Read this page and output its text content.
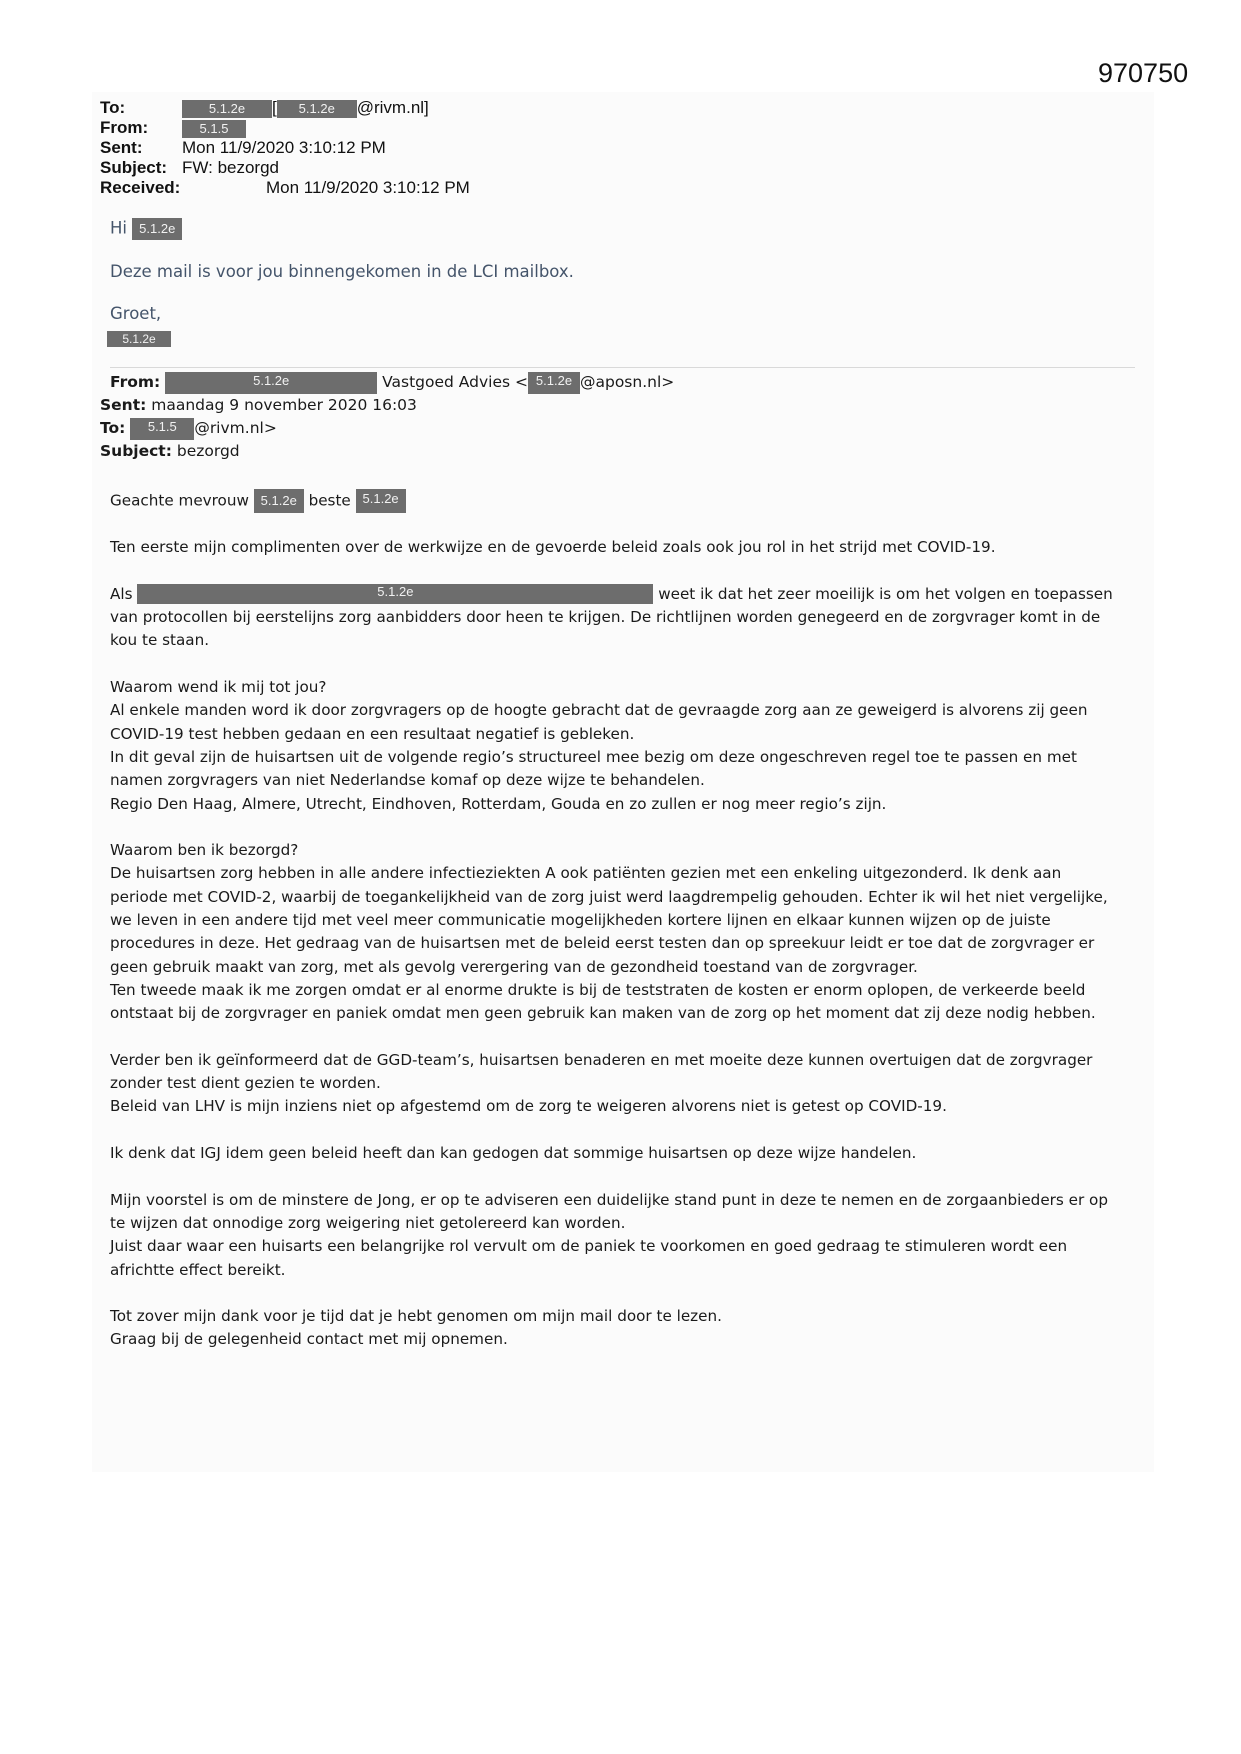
970750
To:	5.1.2e [ 5.1.2e @rivm.nl]
From:	5.1.5
Sent: Mon 11/9/2020 3:10:12 PM
Subject: FW: bezorgd
Received:	Mon 11/9/2020 3:10:12 PM
Hi 5.1.2e
Deze mail is voor jou binnengekomen in de LCI mailbox.
Groet,
5.1.2e
From:	5.1.2e	Vastgoed Advies < 5.1.2e @aposn.nl>
Sent: maandag 9 november 2020 16:03
To: 5.1.5 @rivm.nl>
Subject: bezorgd
Geachte mevrouw 5.1.2e beste 5.1.2e
Ten eerste mijn complimenten over de werkwijze en de gevoerde beleid zoals ook jou rol in het strijd met COVID-19.
Als	5.1.2e	weet ik dat het zeer moeilijk is om het volgen en toepassen
van protocollen bij eerstelijns zorg aanbidders door heen te krijgen. De richtlijnen worden genegeerd en de zorgvrager komt in de
kou te staan.
Waarom wend ik mij tot jou?
Al enkele manden word ik door zorgvragers op de hoogte gebracht dat de gevraagde zorg aan ze geweigerd is alvorens zij geen
COVID-19 test hebben gedaan en een resultaat negatief is gebleken.
In dit geval zijn de huisartsen uit de volgende regio’s structureel mee bezig om deze ongeschreven regel toe te passen en met
namen zorgvragers van niet Nederlandse komaf op deze wijze te behandelen.
Regio Den Haag, Almere, Utrecht, Eindhoven, Rotterdam, Gouda en zo zullen er nog meer regio’s zijn.
Waarom ben ik bezorgd?
De huisartsen zorg hebben in alle andere infectieziekten A ook patiënten gezien met een enkeling uitgezonderd. Ik denk aan
periode met COVID-2, waarbij de toegankelijkheid van de zorg juist werd laagdrempelig gehouden. Echter ik wil het niet vergelijke,
we leven in een andere tijd met veel meer communicatie mogelijkheden kortere lijnen en elkaar kunnen wijzen op de juiste
procedures in deze. Het gedraag van de huisartsen met de beleid eerst testen dan op spreekuur leidt er toe dat de zorgvrager er
geen gebruik maakt van zorg, met als gevolg verergering van de gezondheid toestand van de zorgvrager.
Ten tweede maak ik me zorgen omdat er al enorme drukte is bij de teststraten de kosten er enorm oplopen, de verkeerde beeld
ontstaat bij de zorgvrager en paniek omdat men geen gebruik kan maken van de zorg op het moment dat zij deze nodig hebben.
Verder ben ik geïnformeerd dat de GGD-team’s, huisartsen benaderen en met moeite deze kunnen overtuigen dat de zorgvrager
zonder test dient gezien te worden.
Beleid van LHV is mijn inziens niet op afgestemd om de zorg te weigeren alvorens niet is getest op COVID-19.
Ik denk dat IGJ idem geen beleid heeft dan kan gedogen dat sommige huisartsen op deze wijze handelen.
Mijn voorstel is om de minstere de Jong, er op te adviseren een duidelijke stand punt in deze te nemen en de zorgaanbieders er op
te wijzen dat onnodige zorg weigering niet getolereerd kan worden.
Juist daar waar een huisarts een belangrijke rol vervult om de paniek te voorkomen en goed gedraag te stimuleren wordt een
africhtte effect bereikt.
Tot zover mijn dank voor je tijd dat je hebt genomen om mijn mail door te lezen.
Graag bij de gelegenheid contact met mij opnemen.
